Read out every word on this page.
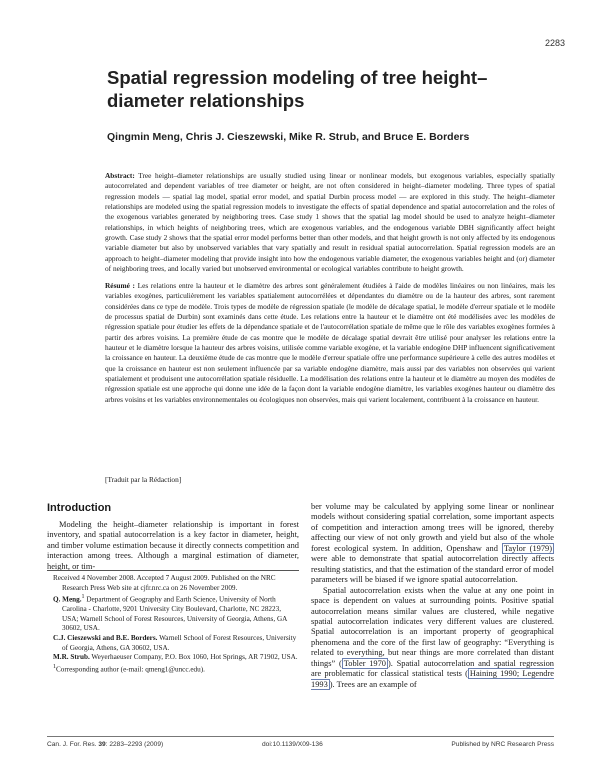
2283
Spatial regression modeling of tree height–diameter relationships
Qingmin Meng, Chris J. Cieszewski, Mike R. Strub, and Bruce E. Borders
Abstract: Tree height–diameter relationships are usually studied using linear or nonlinear models, but exogenous variables, especially spatially autocorrelated and dependent variables of tree diameter or height, are not often considered in height–diameter modeling. Three types of spatial regression models — spatial lag model, spatial error model, and spatial Durbin process model — are explored in this study. The height–diameter relationships are modeled using the spatial regression models to investigate the effects of spatial dependence and spatial autocorrelation and the roles of the exogenous variables generated by neighboring trees. Case study 1 shows that the spatial lag model should be used to analyze height–diameter relationships, in which heights of neighboring trees, which are exogenous variables, and the endogenous variable DBH significantly affect height growth. Case study 2 shows that the spatial error model performs better than other models, and that height growth is not only affected by its endogenous variable diameter but also by unobserved variables that vary spatially and result in residual spatial autocorrelation. Spatial regression models are an approach to height–diameter modeling that provide insight into how the endogenous variable diameter, the exogenous variables height and (or) diameter of neighboring trees, and locally varied but unobserved environmental or ecological variables contribute to height growth.
Résumé : Les relations entre la hauteur et le diamètre des arbres sont généralement étudiées à l'aide de modèles linéaires ou non linéaires, mais les variables exogènes, particulièrement les variables spatialement autocorrélées et dépendantes du diamètre ou de la hauteur des arbres, sont rarement considérées dans ce type de modèle. Trois types de modèle de régression spatiale (le modèle de décalage spatial, le modèle d'erreur spatiale et le modèle de processus spatial de Durbin) sont examinés dans cette étude. Les relations entre la hauteur et le diamètre ont été modélisées avec les modèles de régression spatiale pour étudier les effets de la dépendance spatiale et de l'autocorrélation spatiale de même que le rôle des variables exogènes formées à partir des arbres voisins. La première étude de cas montre que le modèle de décalage spatial devrait être utilisé pour analyser les relations entre la hauteur et le diamètre lorsque la hauteur des arbres voisins, utilisée comme variable exogène, et la variable endogène DHP influencent significativement la croissance en hauteur. La deuxième étude de cas montre que le modèle d'erreur spatiale offre une performance supérieure à celle des autres modèles et que la croissance en hauteur est non seulement influencée par sa variable endogène diamètre, mais aussi par des variables non observées qui varient spatialement et produisent une autocorrélation spatiale résiduelle. La modélisation des relations entre la hauteur et le diamètre au moyen des modèles de régression spatiale est une approche qui donne une idée de la façon dont la variable endogène diamètre, les variables exogènes hauteur ou diamètre des arbres voisins et les variables environnementales ou écologiques non observées, mais qui varient localement, contribuent à la croissance en hauteur.
[Traduit par la Rédaction]
Introduction

Modeling the height–diameter relationship is important in forest inventory, and spatial autocorrelation is a key factor in diameter, height, and timber volume estimation because it directly connects competition and interaction among trees. Although a marginal estimation of diameter, height, or tim-

Received 4 November 2008. Accepted 7 August 2009. Published on the NRC Research Press Web site at cjfr.nrc.ca on 26 November 2009.

Q. Meng.$^1$ Department of Geography and Earth Science, University of North Carolina - Charlotte, 9201 University City Boulevard, Charlotte, NC 28223, USA; Warnell School of Forest Resources, University of Georgia, Athens, GA 30602, USA.

C.J. Cieszewski and B.E. Borders. Warnell School of Forest Resources, University of Georgia, Athens, GA 30602, USA.

M.R. Strub. Weyerhaeuser Company, P.O. Box 1060, Hot Springs, AR 71902, USA.

$^1$Corresponding author (e-mail: qmeng1@uncc.edu).

ber volume may be calculated by applying some linear or nonlinear models without considering spatial correlation, some important aspects of competition and interaction among trees will be ignored, thereby affecting our view of not only growth and yield but also of the whole forest ecological system. In addition, Openshaw and Taylor (1979) were able to demonstrate that spatial autocorrelation directly affects resulting statistics, and that the estimation of the standard error of model parameters will be biased if we ignore spatial autocorrelation.

Spatial autocorrelation exists when the value at any one point in space is dependent on values at surrounding points. Positive spatial autocorrelation means similar values are clustered, while negative spatial autocorrelation indicates very different values are clustered. Spatial autocorrelation is an important property of geographical phenomena and the core of the first law of geography: “Everything is related to everything, but near things are more correlated than distant things” ( Tobler 1970 ). Spatial autocorrelation and spatial regression are problematic for classical statistical tests ( Haining 1990; Legendre 1993 ). Trees are an example of

Can. J. For. Res. 39: 2283–2293 (2009)	doi:10.1139/X09-136	Published by NRC Research Press
